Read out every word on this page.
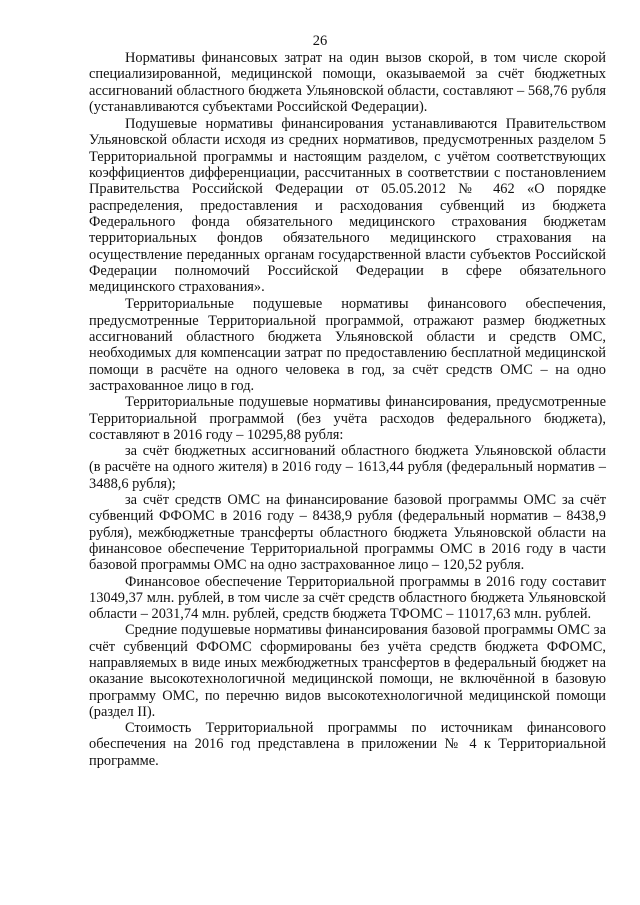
26

Нормативы финансовых затрат на один вызов скорой, в том числе скорой специализированной, медицинской помощи, оказываемой за счёт бюджетных ассигнований областного бюджета Ульяновской области, составляют – 568,76 рубля (устанавливаются субъектами Российской Федерации).

Подушевые нормативы финансирования устанавливаются Правительством Ульяновской области исходя из средних нормативов, предусмотренных разделом 5 Территориальной программы и настоящим разделом, с учётом соответствующих коэффициентов дифференциации, рассчитанных в соответствии с постановлением Правительства Российской Федерации от 05.05.2012 № 462 «О порядке распределения, предоставления и расходования субвенций из бюджета Федерального фонда обязательного медицинского страхования бюджетам территориальных фондов обязательного медицинского страхования на осуществление переданных органам государственной власти субъектов Российской Федерации полномочий Российской Федерации в сфере обязательного медицинского страхования».

Территориальные подушевые нормативы финансового обеспечения, предусмотренные Территориальной программой, отражают размер бюджетных ассигнований областного бюджета Ульяновской области и средств ОМС, необходимых для компенсации затрат по предоставлению бесплатной медицинской помощи в расчёте на одного человека в год, за счёт средств ОМС – на одно застрахованное лицо в год.

Территориальные подушевые нормативы финансирования, предусмотренные Территориальной программой (без учёта расходов федерального бюджета), составляют в 2016 году – 10295,88 рубля:

за счёт бюджетных ассигнований областного бюджета Ульяновской области (в расчёте на одного жителя) в 2016 году – 1613,44 рубля (федеральный норматив – 3488,6 рубля);

за счёт средств ОМС на финансирование базовой программы ОМС за счёт субвенций ФФОМС в 2016 году – 8438,9 рубля (федеральный норматив – 8438,9 рубля), межбюджетные трансферты областного бюджета Ульяновской области на финансовое обеспечение Территориальной программы ОМС в 2016 году в части базовой программы ОМС на одно застрахованное лицо – 120,52 рубля.

Финансовое обеспечение Территориальной программы в 2016 году составит 13049,37 млн. рублей, в том числе за счёт средств областного бюджета Ульяновской области – 2031,74 млн. рублей, средств бюджета ТФОМС – 11017,63 млн. рублей.

Средние подушевые нормативы финансирования базовой программы ОМС за счёт субвенций ФФОМС сформированы без учёта средств бюджета ФФОМС, направляемых в виде иных межбюджетных трансфертов в федеральный бюджет на оказание высокотехнологичной медицинской помощи, не включённой в базовую программу ОМС, по перечню видов высокотехнологичной медицинской помощи (раздел II).

Стоимость Территориальной программы по источникам финансового обеспечения на 2016 год представлена в приложении № 4 к Территориальной программе.
